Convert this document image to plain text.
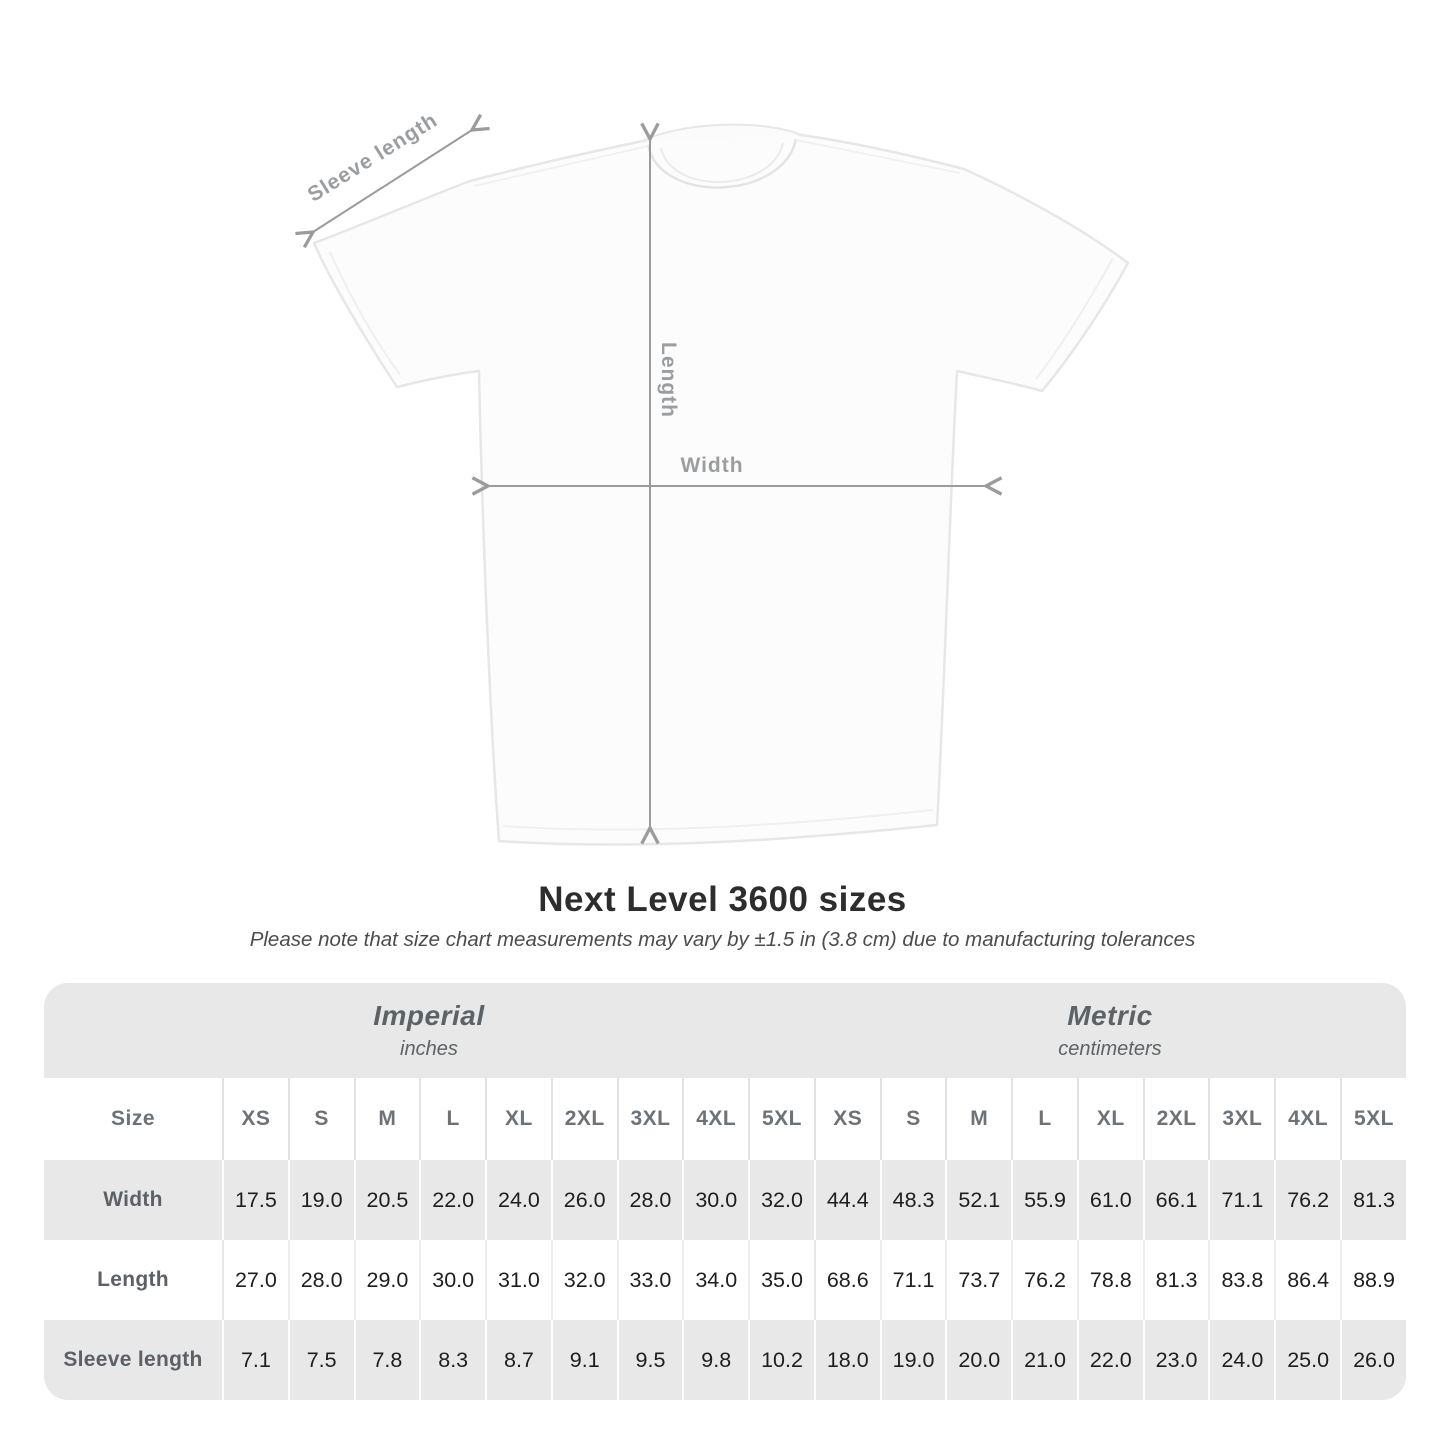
Sleeve length
Length
Width
Next Level 3600 sizes
Please note that size chart measurements may vary by ±1.5 in (3.8 cm) due to manufacturing tolerances
Imperial
inches										Metric
centimeters								

Size	XS	S	M	L	XL	2XL	3XL	4XL	5XL	XS	S	M	L	XL	2XL	3XL	4XL	5XL
Width	17.5	19.0	20.5	22.0	24.0	26.0	28.0	30.0	32.0	44.4	48.3	52.1	55.9	61.0	66.1	71.1	76.2	81.3
Length	27.0	28.0	29.0	30.0	31.0	32.0	33.0	34.0	35.0	68.6	71.1	73.7	76.2	78.8	81.3	83.8	86.4	88.9
Sleeve length	7.1	7.5	7.8	8.3	8.7	9.1	9.5	9.8	10.2	18.0	19.0	20.0	21.0	22.0	23.0	24.0	25.0	26.0
